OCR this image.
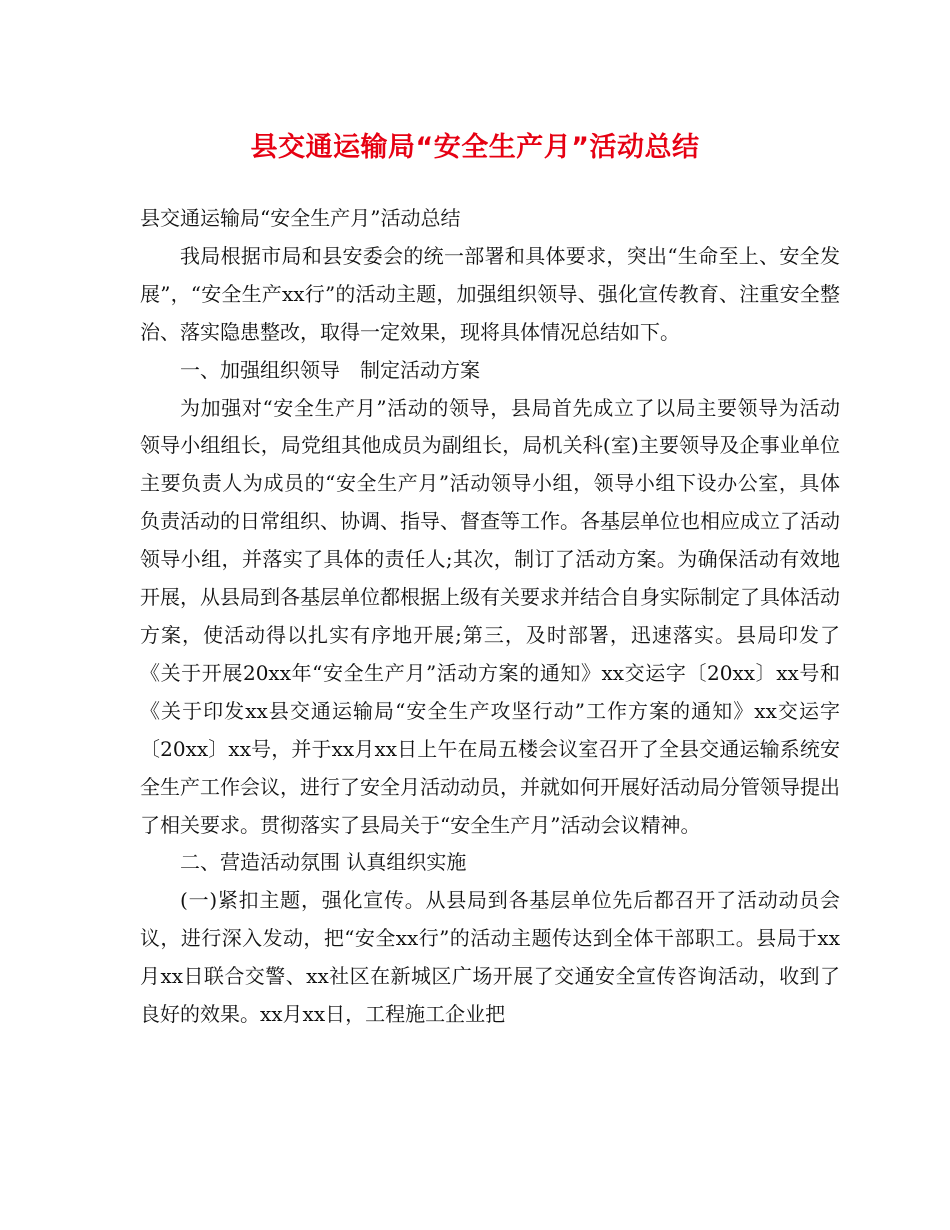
县交通运输局“安全生产月”活动总结

县交通运输局“安全生产月”活动总结

我局根据市局和县安委会的统一部署和具体要求，突出“生命至上、安全发展”，“安全生产xx行”的活动主题，加强组织领导、强化宣传教育、注重安全整治、落实隐患整改，取得一定效果，现将具体情况总结如下。

一、加强组织领导　制定活动方案

为加强对“安全生产月”活动的领导，县局首先成立了以局主要领导为活动领导小组组长，局党组其他成员为副组长，局机关科(室)主要领导及企事业单位主要负责人为成员的“安全生产月”活动领导小组，领导小组下设办公室，具体负责活动的日常组织、协调、指导、督查等工作。各基层单位也相应成立了活动领导小组，并落实了具体的责任人;其次，制订了活动方案。为确保活动有效地开展，从县局到各基层单位都根据上级有关要求并结合自身实际制定了具体活动方案，使活动得以扎实有序地开展;第三，及时部署，迅速落实。县局印发了《关于开展20xx年“安全生产月”活动方案的通知》xx交运字〔20xx〕xx号和《关于印发xx县交通运输局“安全生产攻坚行动”工作方案的通知》xx交运字〔20xx〕xx号，并于xx月xx日上午在局五楼会议室召开了全县交通运输系统安全生产工作会议，进行了安全月活动动员，并就如何开展好活动局分管领导提出了相关要求。贯彻落实了县局关于“安全生产月”活动会议精神。

二、营造活动氛围 认真组织实施

(一)紧扣主题，强化宣传。从县局到各基层单位先后都召开了活动动员会议，进行深入发动，把“安全xx行”的活动主题传达到全体干部职工。县局于xx月xx日联合交警、xx社区在新城区广场开展了交通安全宣传咨询活动，收到了良好的效果。xx月xx日，工程施工企业把
